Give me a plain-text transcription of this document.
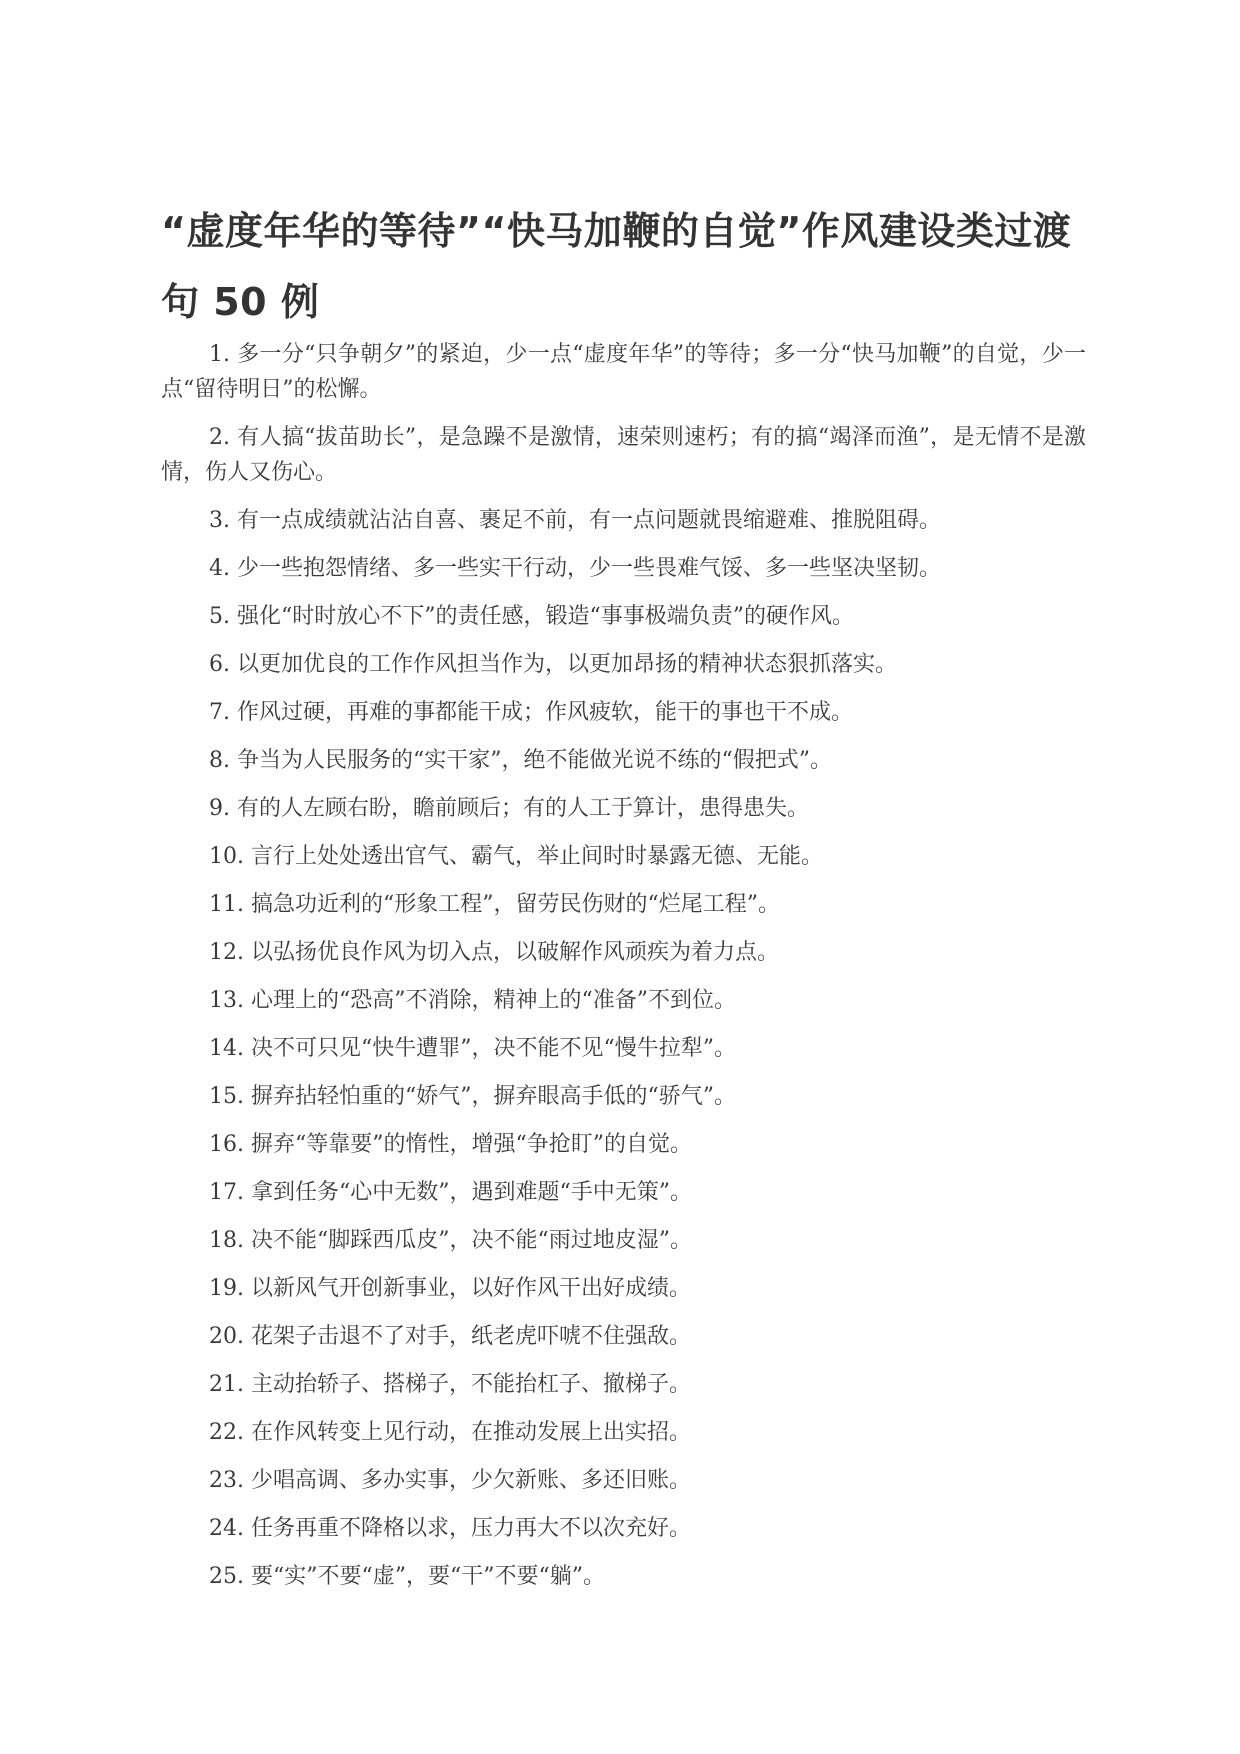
“虚度年华的等待”“快马加鞭的自觉”作风建设类过渡句 50 例
1. 多一分“只争朝夕”的紧迫，少一点“虚度年华”的等待；多一分“快马加鞭”的自觉，少一点“留待明日”的松懈。
2. 有人搞“拔苗助长”，是急躁不是激情，速荣则速朽；有的搞“竭泽而渔”，是无情不是激情，伤人又伤心。
3. 有一点成绩就沾沾自喜、裹足不前，有一点问题就畏缩避难、推脱阻碍。
4. 少一些抱怨情绪、多一些实干行动，少一些畏难气馁、多一些坚决坚韧。
5. 强化“时时放心不下”的责任感，锻造“事事极端负责”的硬作风。
6. 以更加优良的工作作风担当作为，以更加昂扬的精神状态狠抓落实。
7. 作风过硬，再难的事都能干成；作风疲软，能干的事也干不成。
8. 争当为人民服务的“实干家”，绝不能做光说不练的“假把式”。
9. 有的人左顾右盼，瞻前顾后；有的人工于算计，患得患失。
10. 言行上处处透出官气、霸气，举止间时时暴露无德、无能。
11. 搞急功近利的“形象工程”，留劳民伤财的“烂尾工程”。
12. 以弘扬优良作风为切入点，以破解作风顽疾为着力点。
13. 心理上的“恐高”不消除，精神上的“准备”不到位。
14. 决不可只见“快牛遭罪”，决不能不见“慢牛拉犁”。
15. 摒弃拈轻怕重的“娇气”，摒弃眼高手低的“骄气”。
16. 摒弃“等靠要”的惰性，增强“争抢盯”的自觉。
17. 拿到任务“心中无数”，遇到难题“手中无策”。
18. 决不能“脚踩西瓜皮”，决不能“雨过地皮湿”。
19. 以新风气开创新事业，以好作风干出好成绩。
20. 花架子击退不了对手，纸老虎吓唬不住强敌。
21. 主动抬轿子、搭梯子，不能抬杠子、撤梯子。
22. 在作风转变上见行动，在推动发展上出实招。
23. 少唱高调、多办实事，少欠新账、多还旧账。
24. 任务再重不降格以求，压力再大不以次充好。
25. 要“实”不要“虚”，要“干”不要“躺”。
